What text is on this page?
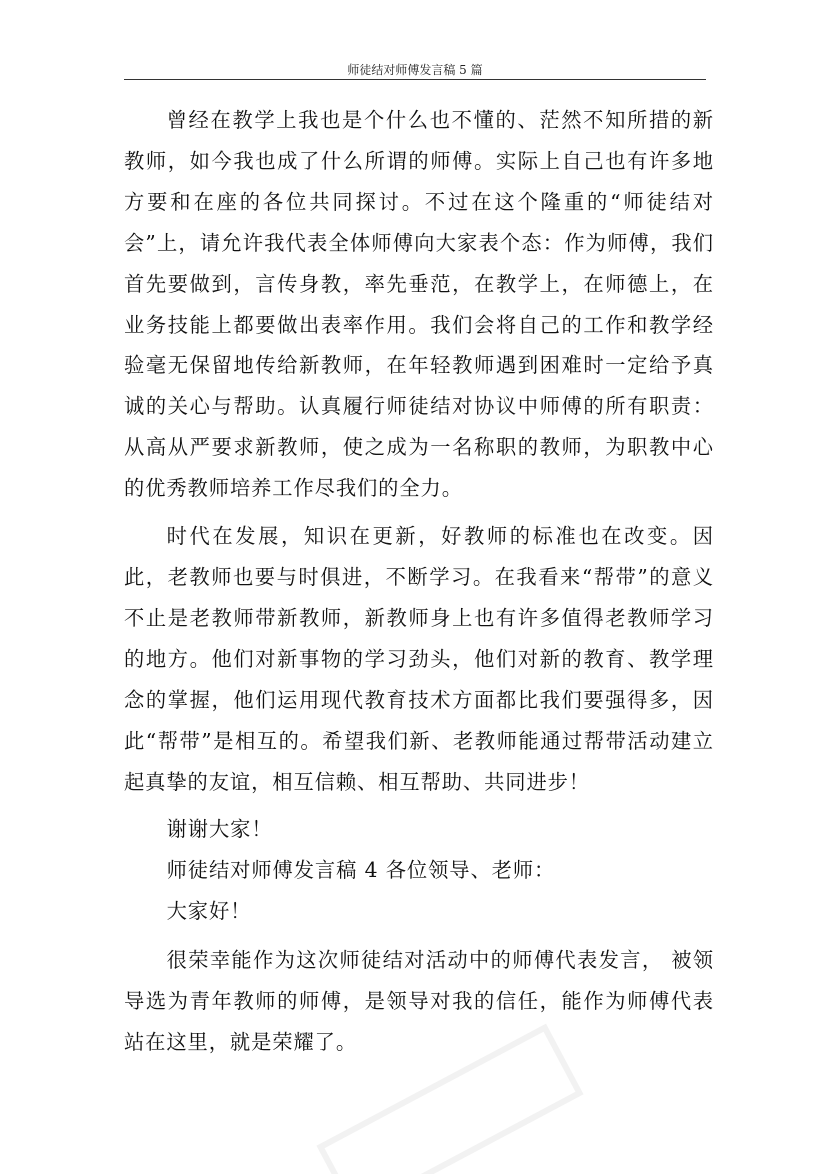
师徒结对师傅发言稿 5 篇

曾经在教学上我也是个什么也不懂的、茫然不知所措的新教师，如今我也成了什么所谓的师傅。实际上自己也有许多地方要和在座的各位共同探讨。不过在这个隆重的“师徒结对会”上，请允许我代表全体师傅向大家表个态：作为师傅，我们首先要做到，言传身教，率先垂范，在教学上，在师德上，在业务技能上都要做出表率作用。我们会将自己的工作和教学经验毫无保留地传给新教师，在年轻教师遇到困难时一定给予真诚的关心与帮助。认真履行师徒结对协议中师傅的所有职责：从高从严要求新教师，使之成为一名称职的教师，为职教中心的优秀教师培养工作尽我们的全力。

时代在发展，知识在更新，好教师的标准也在改变。因此，老教师也要与时俱进，不断学习。在我看来“帮带”的意义不止是老教师带新教师，新教师身上也有许多值得老教师学习的地方。他们对新事物的学习劲头，他们对新的教育、教学理念的掌握，他们运用现代教育技术方面都比我们要强得多，因此“帮带”是相互的。希望我们新、老教师能通过帮带活动建立起真挚的友谊，相互信赖、相互帮助、共同进步！

谢谢大家！

师徒结对师傅发言稿 4 各位领导、老师：

大家好！

很荣幸能作为这次师徒结对活动中的师傅代表发言， 被领导选为青年教师的师傅，是领导对我的信任，能作为师傅代表站在这里，就是荣耀了。
